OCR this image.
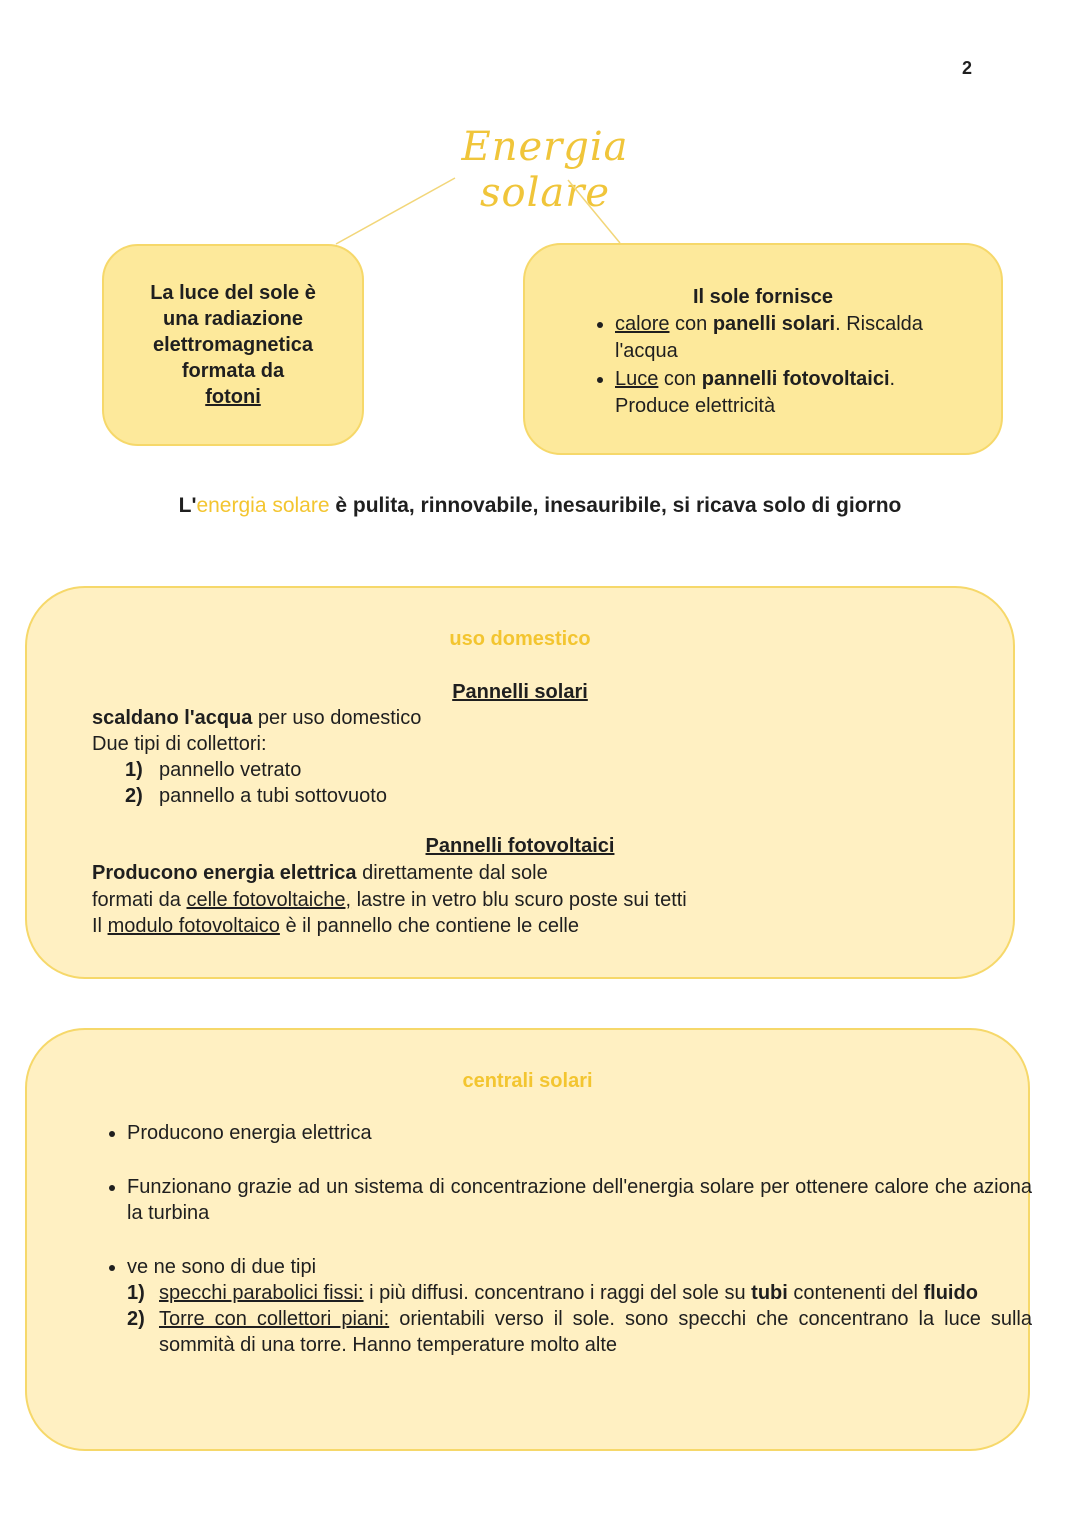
2
Energia solare
La luce del sole è
una radiazione
elettromagnetica
formata da
fotoni
Il sole fornisce
• calore con panelli solari. Riscalda l'acqua
• Luce con pannelli fotovoltaici. Produce elettricità
L'energia solare è pulita, rinnovabile, inesauribile, si ricava solo di giorno
uso domestico
Pannelli solari
scaldano l'acqua per uso domestico
Due tipi di collettori:
1) pannello vetrato
2) pannello a tubi sottovuoto
Pannelli fotovoltaici
Producono energia elettrica direttamente dal sole
formati da celle fotovoltaiche, lastre in vetro blu scuro poste sui tetti
Il modulo fotovoltaico è il pannello che contiene le celle
centrali solari
• Producono energia elettrica
• Funzionano grazie ad un sistema di concentrazione dell'energia solare per ottenere calore che aziona la turbina
• ve ne sono di due tipi
1) specchi parabolici fissi: i più diffusi. concentrano i raggi del sole su tubi contenenti del fluido
2) Torre con collettori piani: orientabili verso il sole. sono specchi che concentrano la luce sulla sommità di una torre. Hanno temperature molto alte
